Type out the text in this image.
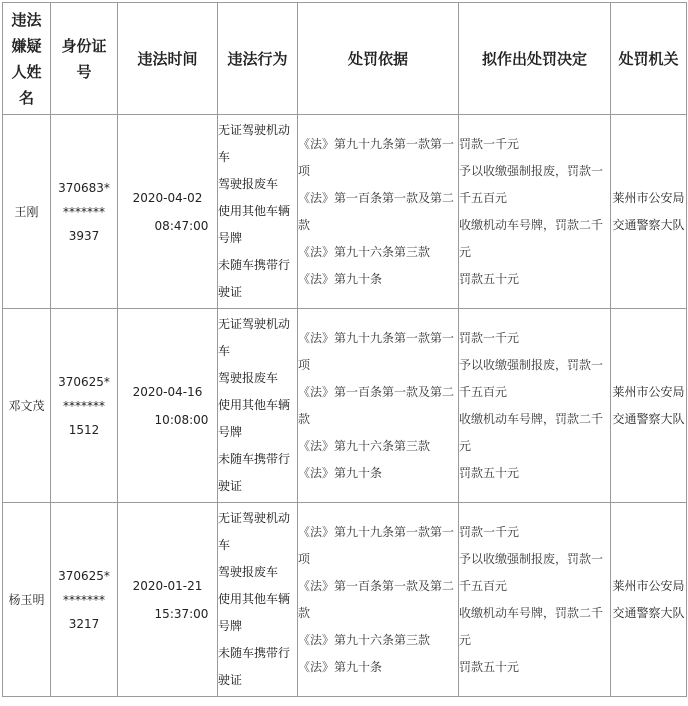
违法嫌疑人姓名	身份证号	违法时间	违法行为	处罚依据	拟作出处罚决定	处罚机关
王刚	370683*
*******
3937	2020-04-02
08:47:00	无证驾驶机动车
驾驶报废车
使用其他车辆号牌
未随车携带行驶证	《法》第九十九条第一款第一项
《法》第一百条第一款及第二款
《法》第九十六条第三款
《法》第九十条	罚款一千元
予以收缴强制报废，罚款一千五百元
收缴机动车号牌，罚款二千元
罚款五十元	莱州市公安局交通警察大队
邓文茂	370625*
*******
1512	2020-04-16
10:08:00	无证驾驶机动车
驾驶报废车
使用其他车辆号牌
未随车携带行驶证	《法》第九十九条第一款第一项
《法》第一百条第一款及第二款
《法》第九十六条第三款
《法》第九十条	罚款一千元
予以收缴强制报废，罚款一千五百元
收缴机动车号牌，罚款二千元
罚款五十元	莱州市公安局交通警察大队
杨玉明	370625*
*******
3217	2020-01-21
15:37:00	无证驾驶机动车
驾驶报废车
使用其他车辆号牌
未随车携带行驶证	《法》第九十九条第一款第一项
《法》第一百条第一款及第二款
《法》第九十六条第三款
《法》第九十条	罚款一千元
予以收缴强制报废，罚款一千五百元
收缴机动车号牌，罚款二千元
罚款五十元	莱州市公安局交通警察大队
